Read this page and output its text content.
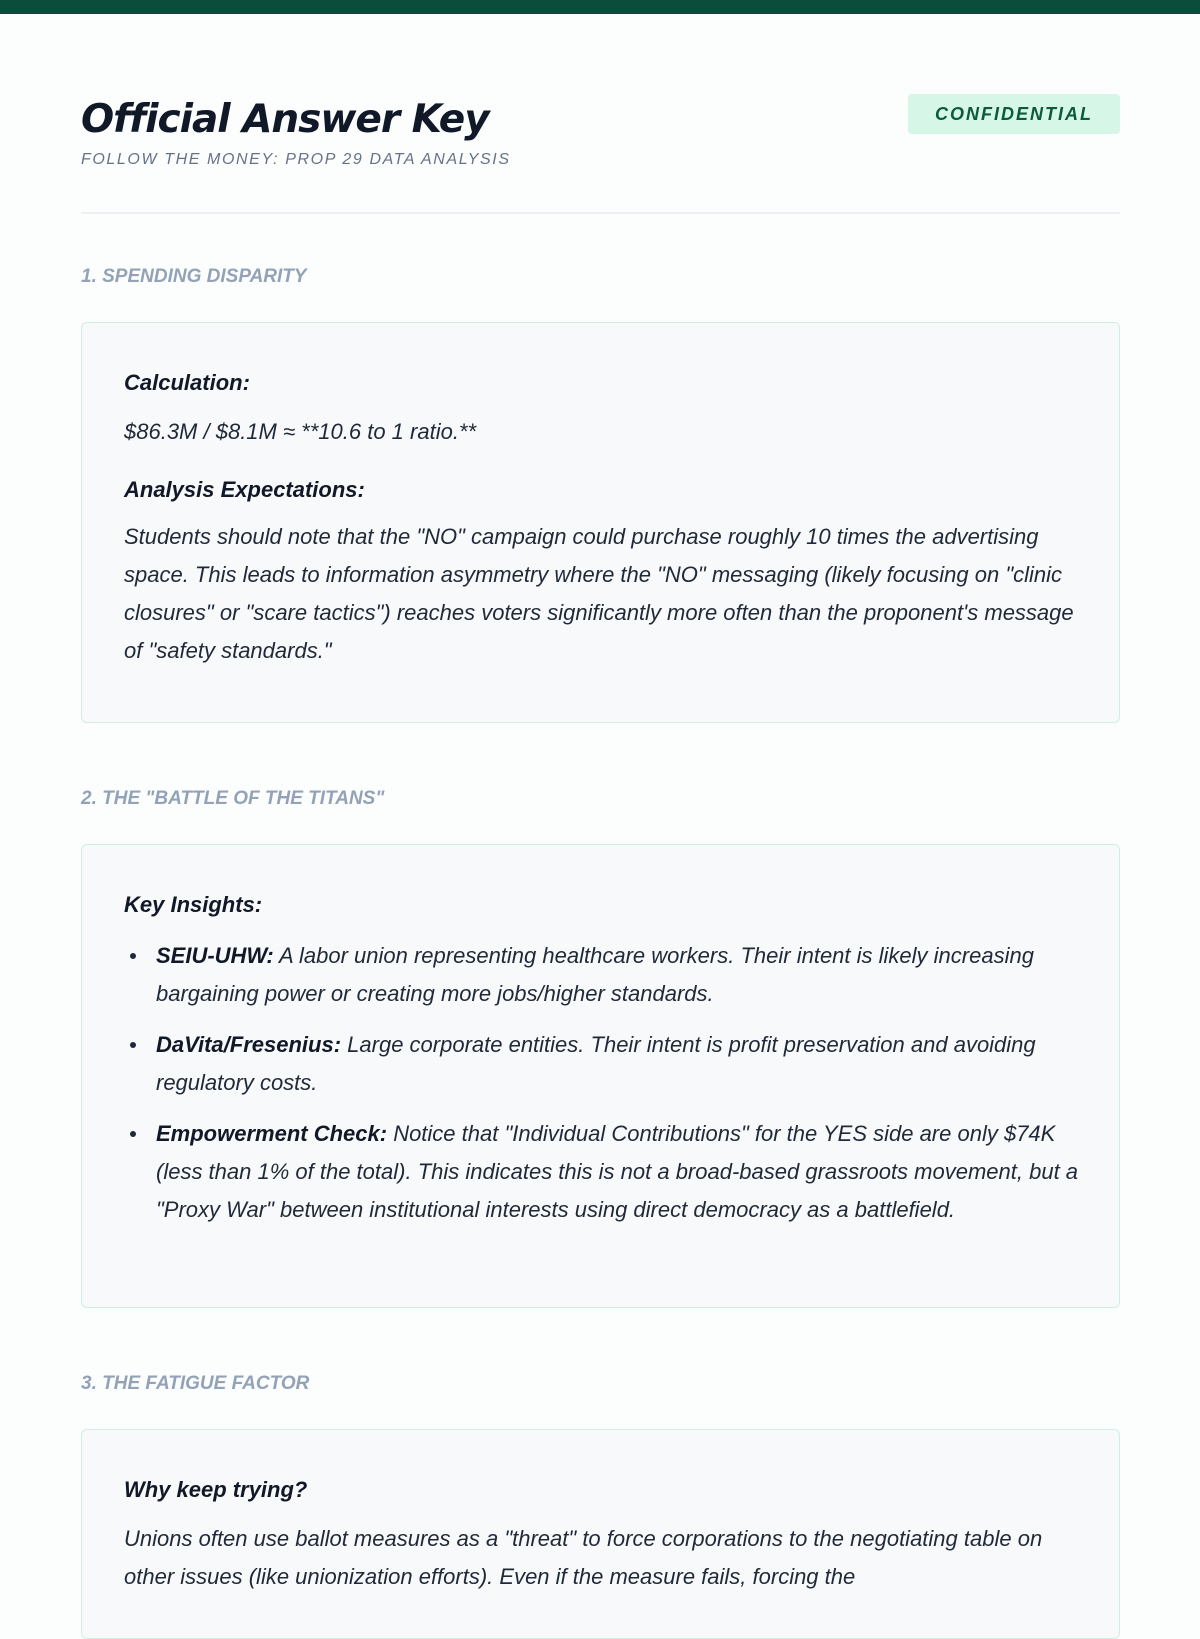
Official Answer Key
FOLLOW THE MONEY: PROP 29 DATA ANALYSIS
CONFIDENTIAL
1. SPENDING DISPARITY

Calculation:

$86.3M / $8.1M ≈ **10.6 to 1 ratio.**

Analysis Expectations:

Students should note that the "NO" campaign could purchase roughly 10 times the advertising space. This leads to information asymmetry where the "NO" messaging (likely focusing on "clinic closures" or "scare tactics") reaches voters significantly more often than the proponent's message of "safety standards."

2. THE "BATTLE OF THE TITANS"

Key Insights:

SEIU-UHW: A labor union representing healthcare workers. Their intent is likely increasing bargaining power or creating more jobs/higher standards.
DaVita/Fresenius: Large corporate entities. Their intent is profit preservation and avoiding regulatory costs.
Empowerment Check: Notice that "Individual Contributions" for the YES side are only $74K (less than 1% of the total). This indicates this is not a broad-based grassroots movement, but a "Proxy War" between institutional interests using direct democracy as a battlefield.
3. THE FATIGUE FACTOR

Why keep trying?

Unions often use ballot measures as a "threat" to force corporations to the negotiating table on other issues (like unionization efforts). Even if the measure fails, forcing the
